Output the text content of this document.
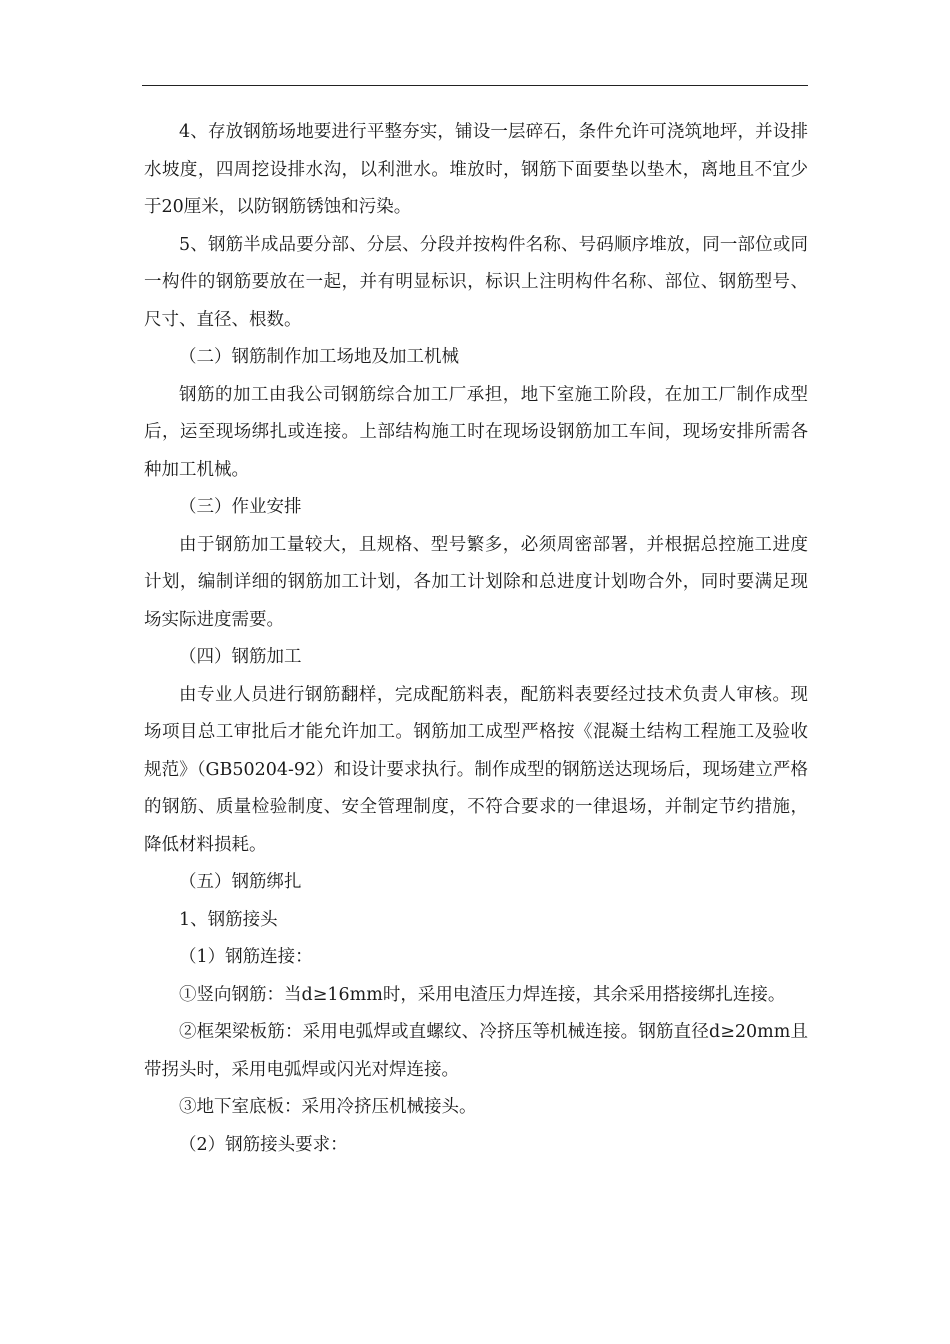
4、存放钢筋场地要进行平整夯实，铺设一层碎石，条件允许可浇筑地坪，并设排水坡度，四周挖设排水沟，以利泄水。堆放时，钢筋下面要垫以垫木，离地且不宜少于20厘米，以防钢筋锈蚀和污染。

5、钢筋半成品要分部、分层、分段并按构件名称、号码顺序堆放，同一部位或同一构件的钢筋要放在一起，并有明显标识，标识上注明构件名称、部位、钢筋型号、尺寸、直径、根数。

（二）钢筋制作加工场地及加工机械

钢筋的加工由我公司钢筋综合加工厂承担，地下室施工阶段，在加工厂制作成型后，运至现场绑扎或连接。上部结构施工时在现场设钢筋加工车间，现场安排所需各种加工机械。

（三）作业安排

由于钢筋加工量较大，且规格、型号繁多，必须周密部署，并根据总控施工进度计划，编制详细的钢筋加工计划，各加工计划除和总进度计划吻合外，同时要满足现场实际进度需要。

（四）钢筋加工

由专业人员进行钢筋翻样，完成配筋料表，配筋料表要经过技术负责人审核。现场项目总工审批后才能允许加工。钢筋加工成型严格按《混凝土结构工程施工及验收规范》（GB50204-92）和设计要求执行。制作成型的钢筋送达现场后，现场建立严格的钢筋、质量检验制度、安全管理制度，不符合要求的一律退场，并制定节约措施，降低材料损耗。

（五）钢筋绑扎

1、钢筋接头

（1）钢筋连接：

①竖向钢筋：当d≥16mm时，采用电渣压力焊连接，其余采用搭接绑扎连接。

②框架梁板筋：采用电弧焊或直螺纹、冷挤压等机械连接。钢筋直径d≥20mm且带拐头时，采用电弧焊或闪光对焊连接。

③地下室底板：采用冷挤压机械接头。

（2）钢筋接头要求：
